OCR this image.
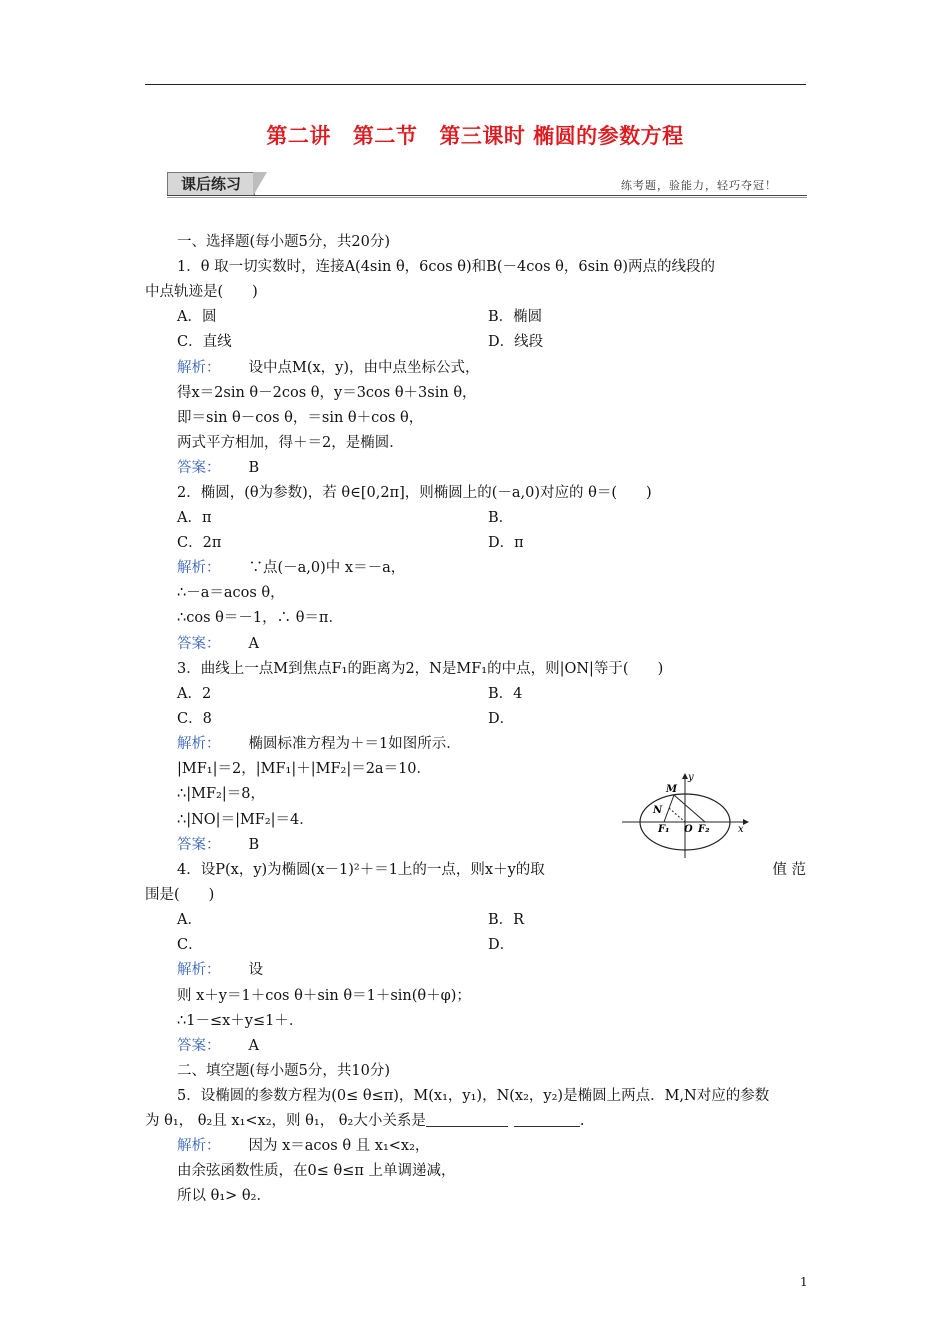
第二讲 第二节 第三课时 椭圆的参数方程
课后练习	练考题，验能力，轻巧夺冠！
一、选择题(每小题5分，共20分)
1．θ 取一切实数时，连接A(4sin θ，6cos θ)和B(－4cos θ，6sin θ)两点的线段的
中点轨迹是(　　)
A．圆	B．椭圆
C．直线	D．线段
解析： 设中点M(x，y)，由中点坐标公式，
得x＝2sin θ－2cos θ，y＝3cos θ＋3sin θ，
即＝sin θ－cos θ，＝sin θ＋cos θ，
两式平方相加，得＋＝2，是椭圆．
答案： B
2．椭圆，(θ为参数)，若 θ∈[0,2π]，则椭圆上的(－a,0)对应的 θ＝(　　)
A．π	B．
C．2π	D．π
解析： ∵点(－a,0)中 x＝－a，
∴－a＝acos θ，
∴cos θ＝－1，∴ θ＝π．
答案： A
3．曲线上一点M到焦点F₁的距离为2，N是MF₁的中点，则|ON|等于(　　)
A．2	B．4
C．8	D．
解析： 椭圆标准方程为＋＝1如图所示．
|MF₁|＝2，|MF₁|＋|MF₂|＝2a＝10．
∴|MF₂|＝8，
∴|NO|＝|MF₂|＝4．
答案： B
y
x
M
N
O
F₁	F₂
4．设P(x，y)为椭圆(x－1)²＋＝1上的一点，则x＋y的取	值 范
围是(　　)
A．	B．R
C．	D．
解析： 设
则 x＋y＝1＋cos θ＋sin θ＝1＋sin(θ＋φ)；
∴1－≤x＋y≤1＋．
答案： A
二、填空题(每小题5分，共10分)
5．设椭圆的参数方程为(0≤ θ≤π)，M(x₁，y₁)，N(x₂，y₂)是椭圆上两点．M,N对应的参数
为 θ₁， θ₂且 x₁<x₂，则 θ₁， θ₂大小关系是	.
解析： 因为 x＝acos θ 且 x₁<x₂，
由余弦函数性质，在0≤ θ≤π 上单调递减，
所以 θ₁> θ₂．
1
